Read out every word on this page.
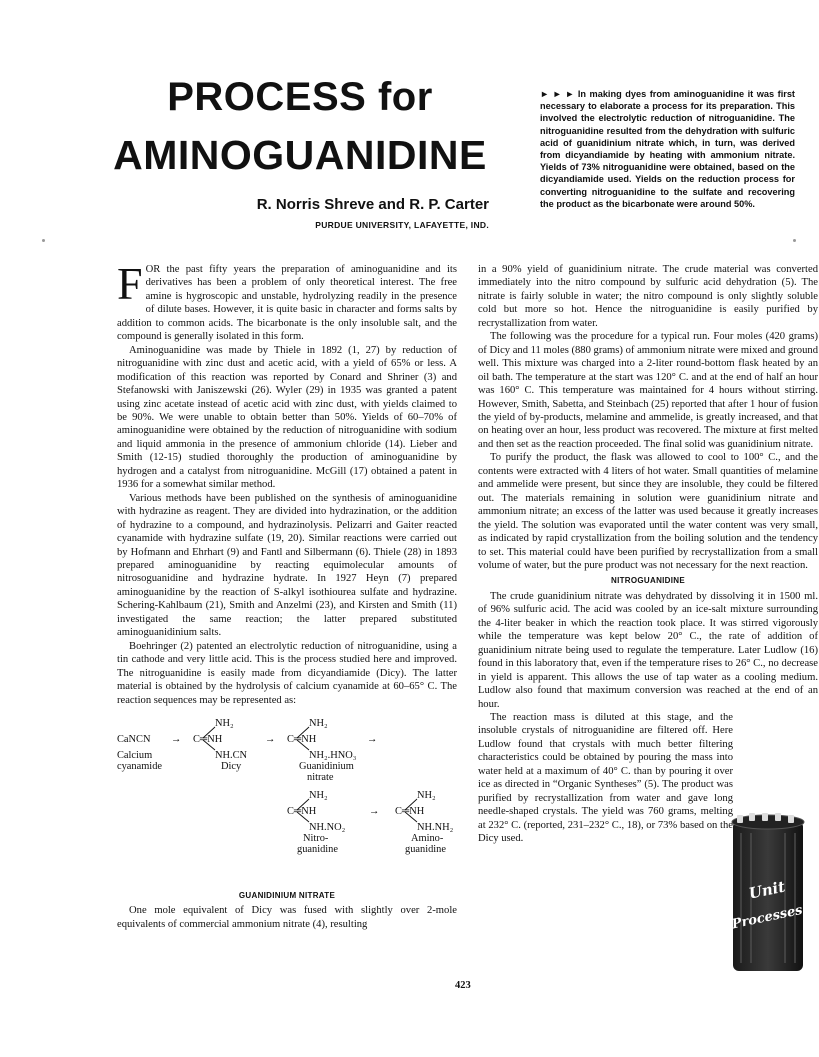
PROCESS for
AMINOGUANIDINE
R. Norris Shreve and R. P. Carter
PURDUE UNIVERSITY, LAFAYETTE, IND.

► ► ► In making dyes from aminoguanidine it was first necessary to elaborate a process for its preparation. This involved the electrolytic reduction of nitroguanidine. The nitroguanidine resulted from the dehydration with sulfuric acid of guanidinium nitrate which, in turn, was derived from dicyandiamide by heating with ammonium nitrate. Yields of 73% nitroguanidine were obtained, based on the dicyandiamide used. Yields on the reduction process for converting nitroguanidine to the sulfate and recovering the product as the bicarbonate were around 50%.

FOR the past fifty years the preparation of aminoguanidine and its derivatives has been a problem of only theoretical interest. The free amine is hygroscopic and unstable, hydrolyzing readily in the presence of dilute bases. However, it is quite basic in character and forms salts by addition to common acids. The bicarbonate is the only insoluble salt, and the compound is generally isolated in this form.

Aminoguanidine was made by Thiele in 1892 (1, 27) by reduction of nitroguanidine with zinc dust and acetic acid, with a yield of 65% or less. A modification of this reaction was reported by Conard and Shriner (3) and Stefanowski with Janiszewski (26). Wyler (29) in 1935 was granted a patent using zinc acetate instead of acetic acid with zinc dust, with yields claimed to be 90%. We were unable to obtain better than 50%. Yields of 60–70% of aminoguanidine were obtained by the reduction of nitroguanidine with sodium and liquid ammonia in the presence of ammonium chloride (14). Lieber and Smith (12-15) studied thoroughly the production of aminoguanidine by hydrogen and a catalyst from nitroguanidine. McGill (17) obtained a patent in 1936 for a somewhat similar method.

Various methods have been published on the synthesis of aminoguanidine with hydrazine as reagent. They are divided into hydrazination, or the addition of hydrazine to a compound, and hydrazinolysis. Pelizarri and Gaiter reacted cyanamide with hydrazine sulfate (19, 20). Similar reactions were carried out by Hofmann and Ehrhart (9) and Fantl and Silbermann (6). Thiele (28) in 1893 prepared aminoguanidine by reacting equimolecular amounts of nitrosoguanidine and hydrazine hydrate. In 1927 Heyn (7) prepared aminoguanidine by the reaction of S-alkyl isothiourea sulfate and hydrazine. Schering-Kahlbaum (21), Smith and Anzelmi (23), and Kirsten and Smith (11) investigated the same reaction; the latter prepared substituted aminoguanidinium salts.

Boehringer (2) patented an electrolytic reduction of nitroguanidine, using a tin cathode and very little acid. This is the process studied here and improved. The nitroguanidine is easily made from dicyandiamide (Dicy). The latter material is obtained by the hydrolysis of calcium cyanamide at 60–65° C. The reaction sequences may be represented as:

CaNCN →
NH₂
C═NH
NH.CN
→
NH₂
C═NH
NH₂.HNO₃
→
Calcium
cyanamide	Dicy	Guanidinium
nitrate
NH₂
C═NH
NH.NO₂
→
NH₂
C═NH
NH.NH₂
Nitro-
guanidine
Amino-
guanidine
GUANIDINIUM NITRATE

One mole equivalent of Dicy was fused with slightly over 2-mole equivalents of commercial ammonium nitrate (4), resulting

in a 90% yield of guanidinium nitrate. The crude material was converted immediately into the nitro compound by sulfuric acid dehydration (5). The nitrate is fairly soluble in water; the nitro compound is only slightly soluble cold but more so hot. Hence the nitroguanidine is easily purified by recrystallization from water.

The following was the procedure for a typical run. Four moles (420 grams) of Dicy and 11 moles (880 grams) of ammonium nitrate were mixed and ground well. This mixture was charged into a 2-liter round-bottom flask heated by an oil bath. The temperature at the start was 120° C. and at the end of half an hour was 160° C. This temperature was maintained for 4 hours without stirring. However, Smith, Sabetta, and Steinbach (25) reported that after 1 hour of fusion the yield of by-products, melamine and ammelide, is greatly increased, and that on heating over an hour, less product was recovered. The mixture at first melted and then set as the reaction proceeded. The final solid was guanidinium nitrate.

To purify the product, the flask was allowed to cool to 100° C., and the contents were extracted with 4 liters of hot water. Small quantities of melamine and ammelide were present, but since they are insoluble, they could be filtered out. The materials remaining in solution were guanidinium nitrate and ammonium nitrate; an excess of the latter was used because it greatly increases the yield. The solution was evaporated until the water content was very small, as indicated by rapid crystallization from the boiling solution and the tendency to set. This material could have been purified by recrystallization from a small volume of water, but the pure product was not necessary for the next reaction.

NITROGUANIDINE

The crude guanidinium nitrate was dehydrated by dissolving it in 1500 ml. of 96% sulfuric acid. The acid was cooled by an ice-salt mixture surrounding the 4-liter beaker in which the reaction took place. It was stirred vigorously while the temperature was kept below 20° C., the rate of addition of guanidinium nitrate being used to regulate the temperature. Later Ludlow (16) found in this laboratory that, even if the temperature rises to 26° C., no decrease in yield is apparent. This allows the use of tap water as a cooling medium. Ludlow also found that maximum conversion was reached at the end of an hour.

The reaction mass is diluted at this stage, and the insoluble crystals of nitroguanidine are filtered off. Here Ludlow found that crystals with much better filtering characteristics could be obtained by pouring the mass into water held at a maximum of 40° C. than by pouring it over ice as directed in “Organic Syntheses” (5). The product was purified by recrystallization from water and gave long needle-shaped crystals. The yield was 760 grams, melting at 232° C. (reported, 231–232° C., 18), or 73% based on the Dicy used.

Unit
Processes
423
